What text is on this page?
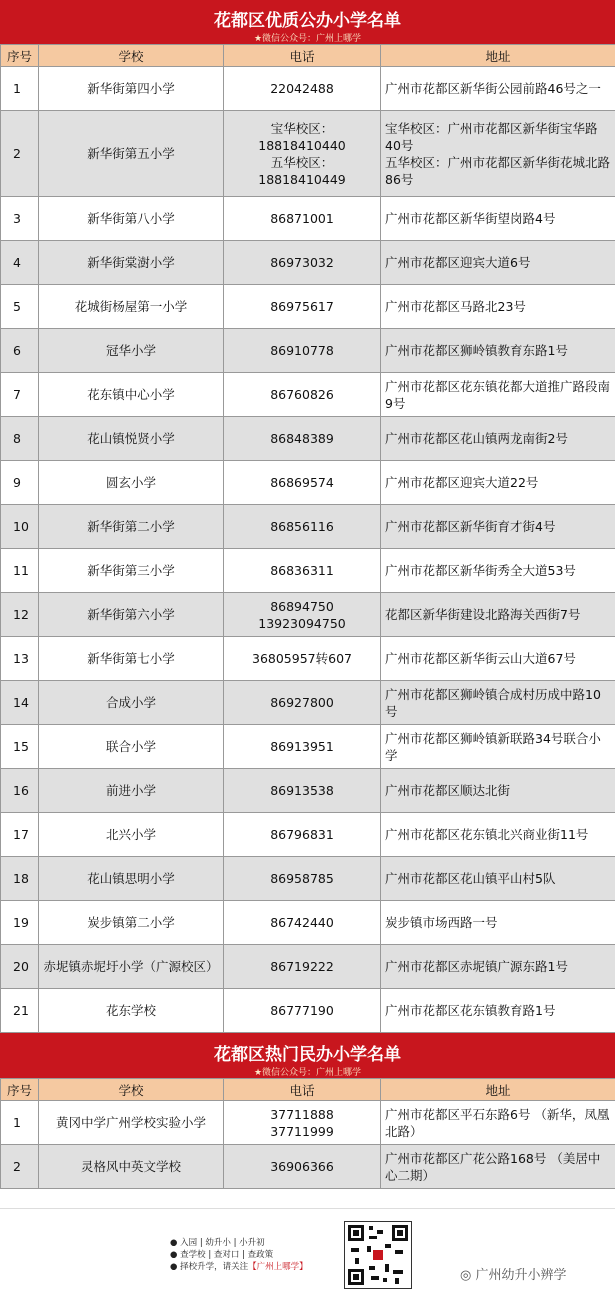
花都区优质公办小学名单
★微信公众号：广州上哪学
序号	学校	电话	地址
1	新华街第四小学	22042488	广州市花都区新华街公园前路46号之一
2	新华街第五小学	宝华校区：
18818410440
五华校区：
18818410449	宝华校区：广州市花都区新华街宝华路40号
五华校区：广州市花都区新华街花城北路86号
3	新华街第八小学	86871001	广州市花都区新华街望岗路4号
4	新华街棠澍小学	86973032	广州市花都区迎宾大道6号
5	花城街杨屋第一小学	86975617	广州市花都区马路北23号
6	冠华小学	86910778	广州市花都区狮岭镇教育东路1号
7	花东镇中心小学	86760826	广州市花都区花东镇花都大道推广路段南9号
8	花山镇悦贤小学	86848389	广州市花都区花山镇两龙南街2号
9	圆玄小学	86869574	广州市花都区迎宾大道22号
10	新华街第二小学	86856116	广州市花都区新华街育才街4号
11	新华街第三小学	86836311	广州市花都区新华街秀全大道53号
12	新华街第六小学	86894750
13923094750	花都区新华街建设北路海关西街7号
13	新华街第七小学	36805957转607	广州市花都区新华街云山大道67号
14	合成小学	86927800	广州市花都区狮岭镇合成村历成中路10号
15	联合小学	86913951	广州市花都区狮岭镇新联路34号联合小学
16	前进小学	86913538	广州市花都区顺达北街
17	北兴小学	86796831	广州市花都区花东镇北兴商业街11号
18	花山镇思明小学	86958785	广州市花都区花山镇平山村5队
19	炭步镇第二小学	86742440	炭步镇市场西路一号
20	赤坭镇赤坭圩小学（广源校区）	86719222	广州市花都区赤坭镇广源东路1号
21	花东学校	86777190	广州市花都区花东镇教育路1号
花都区热门民办小学名单
★微信公众号：广州上哪学
序号	学校	电话	地址
1	黄冈中学广州学校实验小学	37711888
37711999	广州市花都区平石东路6号 （新华，凤凰北路）
2	灵格风中英文学校	36906366	广州市花都区广花公路168号 （美居中心二期）
● 入园 | 幼升小 | 小升初
● 查学校 | 查对口 | 查政策
● 择校升学，请关注【广州上哪学】
◎ 广州幼升小辨学
